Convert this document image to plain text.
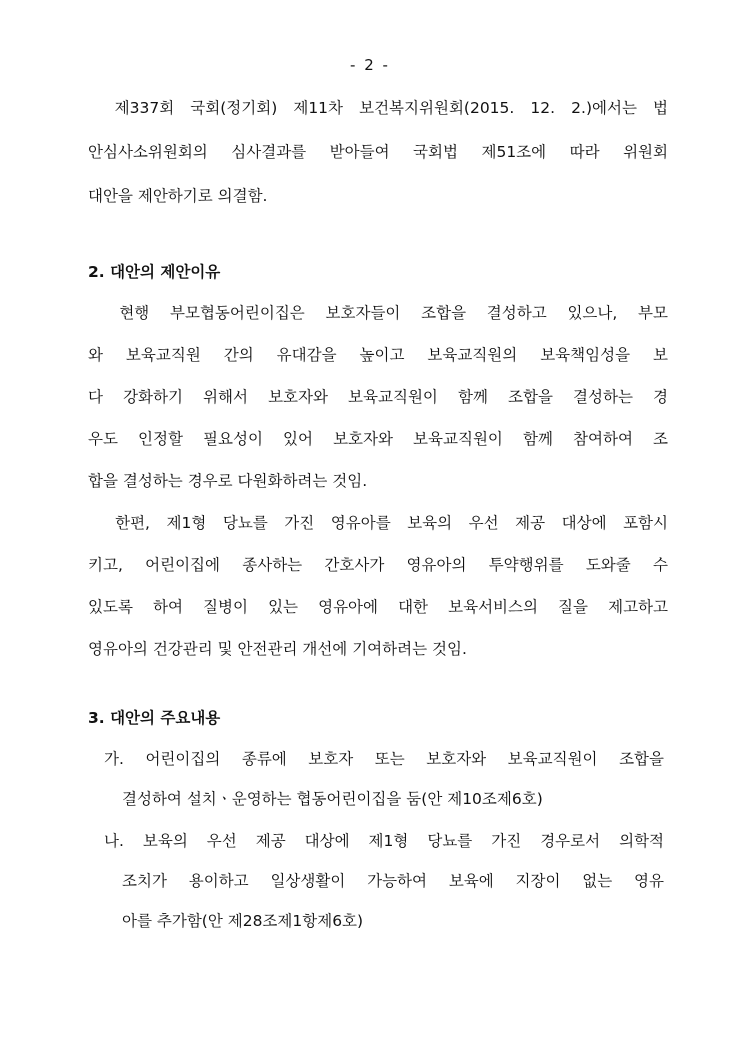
- 2 -
　제337회 국회(정기회) 제11차 보건복지위원회(2015. 12. 2.)에서는 법
안심사소위원회의 심사결과를 받아들여 국회법 제51조에 따라 위원회
대안을 제안하기로 의결함.
2. 대안의 제안이유
　현행 부모협동어린이집은 보호자들이 조합을 결성하고 있으나, 부모
와 보육교직원 간의 유대감을 높이고 보육교직원의 보육책임성을 보
다 강화하기 위해서 보호자와 보육교직원이 함께 조합을 결성하는 경
우도 인정할 필요성이 있어 보호자와 보육교직원이 함께 참여하여 조
합을 결성하는 경우로 다원화하려는 것임.
　한편, 제1형 당뇨를 가진 영유아를 보육의 우선 제공 대상에 포함시
키고, 어린이집에 종사하는 간호사가 영유아의 투약행위를 도와줄 수
있도록 하여 질병이 있는 영유아에 대한 보육서비스의 질을 제고하고
영유아의 건강관리 및 안전관리 개선에 기여하려는 것임.
3. 대안의 주요내용
가. 어린이집의 종류에 보호자 또는 보호자와 보육교직원이 조합을
결성하여 설치ㆍ운영하는 협동어린이집을 둠(안 제10조제6호)
나. 보육의 우선 제공 대상에 제1형 당뇨를 가진 경우로서 의학적
조치가 용이하고 일상생활이 가능하여 보육에 지장이 없는 영유
아를 추가함(안 제28조제1항제6호)
